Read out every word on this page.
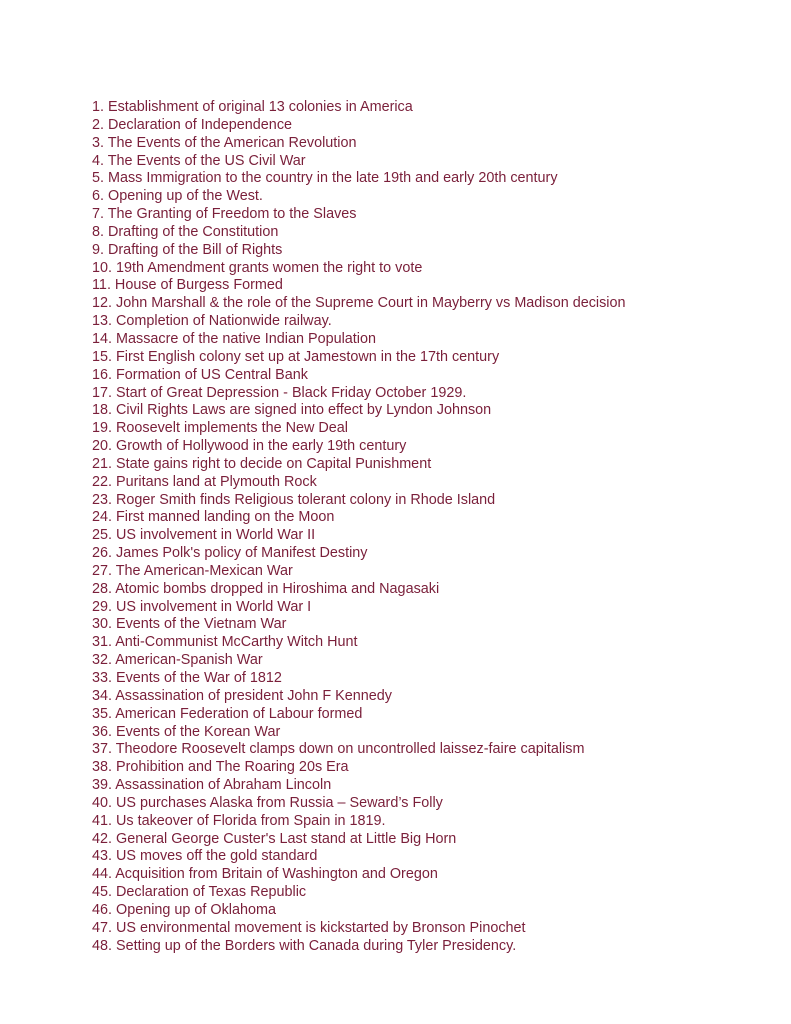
1. Establishment of original 13 colonies in America
2. Declaration of Independence
3. The Events of the American Revolution
4. The Events of the US Civil War
5. Mass Immigration to the country in the late 19th and early 20th century
6. Opening up of the West.
7. The Granting of Freedom to the Slaves
8. Drafting of the Constitution
9. Drafting of the Bill of Rights
10. 19th Amendment grants women the right to vote
11. House of Burgess Formed
12. John Marshall & the role of the Supreme Court in Mayberry vs Madison decision
13. Completion of Nationwide railway.
14. Massacre of the native Indian Population
15. First English colony set up at Jamestown in the 17th century
16. Formation of US Central Bank
17. Start of Great Depression - Black Friday October 1929.
18. Civil Rights Laws are signed into effect by Lyndon Johnson
19. Roosevelt implements the New Deal
20. Growth of Hollywood in the early 19th century
21. State gains right to decide on Capital Punishment
22. Puritans land at Plymouth Rock
23. Roger Smith finds Religious tolerant colony in Rhode Island
24. First manned landing on the Moon
25. US involvement in World War II
26. James Polk's policy of Manifest Destiny
27. The American-Mexican War
28. Atomic bombs dropped in Hiroshima and Nagasaki
29. US involvement in World War I
30. Events of the Vietnam War
31. Anti-Communist McCarthy Witch Hunt
32. American-Spanish War
33. Events of the War of 1812
34. Assassination of president John F Kennedy
35. American Federation of Labour formed
36. Events of the Korean War
37. Theodore Roosevelt clamps down on uncontrolled laissez-faire capitalism
38. Prohibition and The Roaring 20s Era
39. Assassination of Abraham Lincoln
40. US purchases Alaska from Russia – Seward’s Folly
41. Us takeover of Florida from Spain in 1819.
42. General George Custer's Last stand at Little Big Horn
43. US moves off the gold standard
44. Acquisition from Britain of Washington and Oregon
45. Declaration of Texas Republic
46. Opening up of Oklahoma
47. US environmental movement is kickstarted by Bronson Pinochet
48. Setting up of the Borders with Canada during Tyler Presidency.
